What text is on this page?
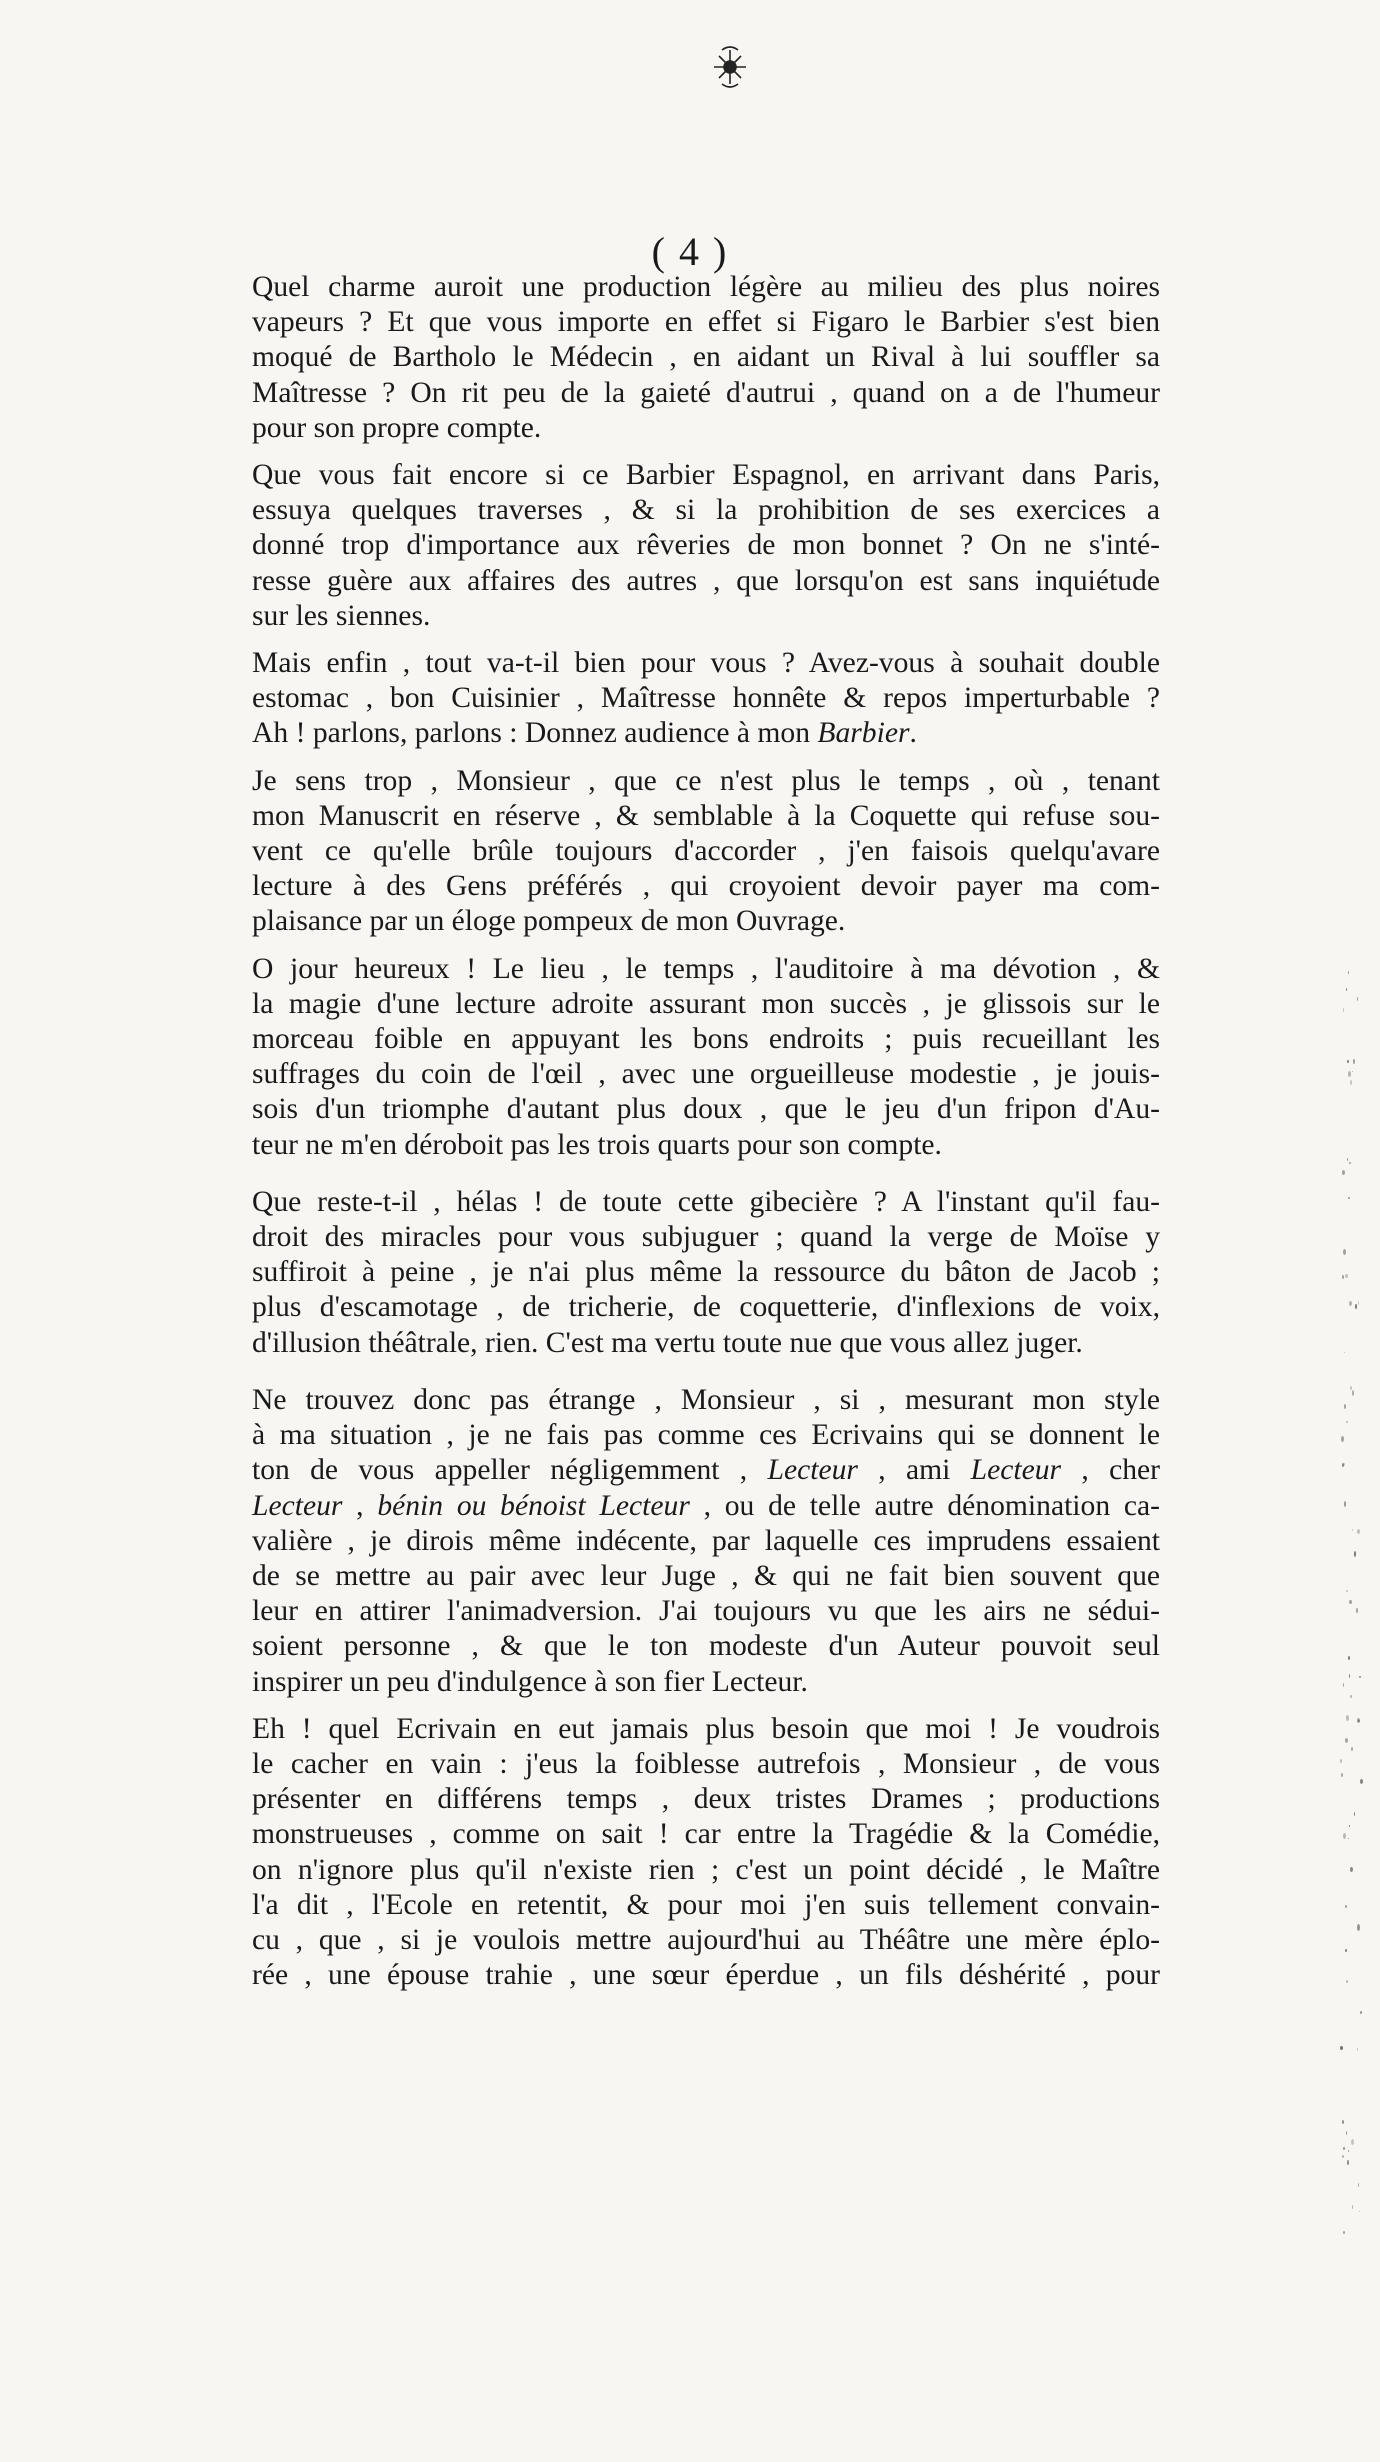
( 4 )

Quel charme auroit une production légère au milieu des plus noires
vapeurs ? Et que vous importe en effet si Figaro le Barbier s'est bien
moqué de Bartholo le Médecin , en aidant un Rival à lui souffler sa
Maîtresse ? On rit peu de la gaieté d'autrui , quand on a de l'humeur
pour son propre compte.

Que vous fait encore si ce Barbier Espagnol, en arrivant dans Paris,
essuya quelques traverses , & si la prohibition de ses exercices a
donné trop d'importance aux rêveries de mon bonnet ? On ne s'inté-
resse guère aux affaires des autres , que lorsqu'on est sans inquiétude
sur les siennes.

Mais enfin , tout va-t-il bien pour vous ? Avez-vous à souhait double
estomac , bon Cuisinier , Maîtresse honnête & repos imperturbable ?
Ah ! parlons, parlons : Donnez audience à mon Barbier.

Je sens trop , Monsieur , que ce n'est plus le temps , où , tenant
mon Manuscrit en réserve , & semblable à la Coquette qui refuse sou-
vent ce qu'elle brûle toujours d'accorder , j'en faisois quelqu'avare
lecture à des Gens préférés , qui croyoient devoir payer ma com-
plaisance par un éloge pompeux de mon Ouvrage.

O jour heureux ! Le lieu , le temps , l'auditoire à ma dévotion , &
la magie d'une lecture adroite assurant mon succès , je glissois sur le
morceau foible en appuyant les bons endroits ; puis recueillant les
suffrages du coin de l'œil , avec une orgueilleuse modestie , je jouis-
sois d'un triomphe d'autant plus doux , que le jeu d'un fripon d'Au-
teur ne m'en déroboit pas les trois quarts pour son compte.

Que reste-t-il , hélas ! de toute cette gibecière ? A l'instant qu'il fau-
droit des miracles pour vous subjuguer ; quand la verge de Moïse y
suffiroit à peine , je n'ai plus même la ressource du bâton de Jacob ;
plus d'escamotage , de tricherie, de coquetterie, d'inflexions de voix,
d'illusion théâtrale, rien. C'est ma vertu toute nue que vous allez juger.

Ne trouvez donc pas étrange , Monsieur , si , mesurant mon style
à ma situation , je ne fais pas comme ces Ecrivains qui se donnent le
ton de vous appeller négligemment , Lecteur , ami Lecteur , cher
Lecteur , bénin ou bénoist Lecteur , ou de telle autre dénomination ca-
valière , je dirois même indécente, par laquelle ces imprudens essaient
de se mettre au pair avec leur Juge , & qui ne fait bien souvent que
leur en attirer l'animadversion. J'ai toujours vu que les airs ne sédui-
soient personne , & que le ton modeste d'un Auteur pouvoit seul
inspirer un peu d'indulgence à son fier Lecteur.

Eh ! quel Ecrivain en eut jamais plus besoin que moi ! Je voudrois
le cacher en vain : j'eus la foiblesse autrefois , Monsieur , de vous
présenter en différens temps , deux tristes Drames ; productions
monstrueuses , comme on sait ! car entre la Tragédie & la Comédie,
on n'ignore plus qu'il n'existe rien ; c'est un point décidé , le Maître
l'a dit , l'Ecole en retentit, & pour moi j'en suis tellement convain-
cu , que , si je voulois mettre aujourd'hui au Théâtre une mère éplo-
rée , une épouse trahie , une sœur éperdue , un fils déshérité , pour
